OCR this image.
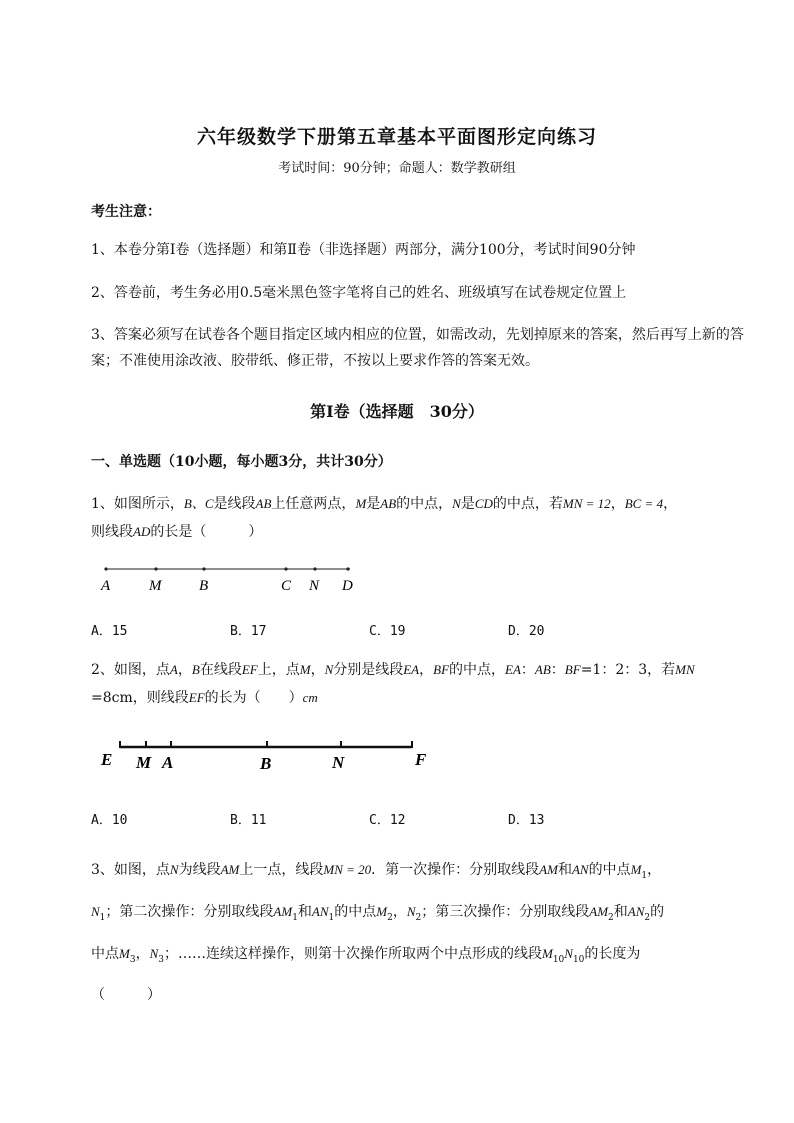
六年级数学下册第五章基本平面图形定向练习
考试时间：90分钟；命题人：数学教研组
考生注意：
1、本卷分第I卷（选择题）和第Ⅱ卷（非选择题）两部分，满分100分，考试时间90分钟
2、答卷前，考生务必用0.5毫米黑色签字笔将自己的姓名、班级填写在试卷规定位置上
3、答案必须写在试卷各个题目指定区域内相应的位置，如需改动，先划掉原来的答案，然后再写上新的答案；不准使用涂改液、胶带纸、修正带，不按以上要求作答的答案无效。
第I卷（选择题　30分）
一、单选题（10小题，每小题3分，共计30分）
1、如图所示，B、C是线段AB上任意两点，M是AB的中点，N是CD的中点，若MN = 12，BC = 4，
则线段AD的长是（　　　）
A	M	B	C N D
A．15	B．17	C．19	D．20
2、如图，点A，B在线段EF上，点M，N分别是线段EA，BF的中点，EA：AB：BF=1：2：3，若MN
=8cm，则线段EF的长为（　　）cm
E M A	B	N	F
A．10	B．11	C．12	D．13
3、如图，点N为线段AM上一点，线段MN = 20．第一次操作：分别取线段AM和AN的中点$M_1$，
$N_1$；第二次操作：分别取线段$AM_1$和$AN_1$的中点$M_2$，$N_2$；第三次操作：分别取线段$AM_2$和$AN_2$的
中点$M_3$，$N_3$；……连续这样操作，则第十次操作所取两个中点形成的线段$M_{10}N_{10}$的长度为
（　　　）
